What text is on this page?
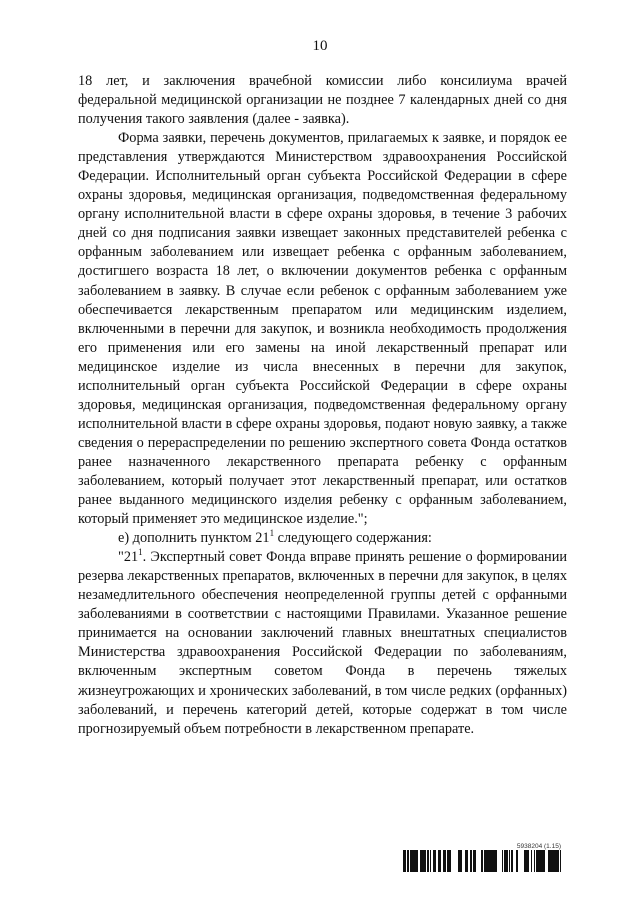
10

18 лет, и заключения врачебной комиссии либо консилиума врачей федеральной медицинской организации не позднее 7 календарных дней со дня получения такого заявления (далее - заявка).

Форма заявки, перечень документов, прилагаемых к заявке, и порядок ее представления утверждаются Министерством здравоохранения Российской Федерации. Исполнительный орган субъекта Российской Федерации в сфере охраны здоровья, медицинская организация, подведомственная федеральному органу исполнительной власти в сфере охраны здоровья, в течение 3 рабочих дней со дня подписания заявки извещает законных представителей ребенка с орфанным заболеванием или извещает ребенка с орфанным заболеванием, достигшего возраста 18 лет, о включении документов ребенка с орфанным заболеванием в заявку. В случае если ребенок с орфанным заболеванием уже обеспечивается лекарственным препаратом или медицинским изделием, включенными в перечни для закупок, и возникла необходимость продолжения его применения или его замены на иной лекарственный препарат или медицинское изделие из числа внесенных в перечни для закупок, исполнительный орган субъекта Российской Федерации в сфере охраны здоровья, медицинская организация, подведомственная федеральному органу исполнительной власти в сфере охраны здоровья, подают новую заявку, а также сведения о перераспределении по решению экспертного совета Фонда остатков ранее назначенного лекарственного препарата ребенку с орфанным заболеванием, который получает этот лекарственный препарат, или остатков ранее выданного медицинского изделия ребенку с орфанным заболеванием, который применяет это медицинское изделие.";

е) дополнить пунктом $21^1$ следующего содержания:

"$21^1$. Экспертный совет Фонда вправе принять решение о формировании резерва лекарственных препаратов, включенных в перечни для закупок, в целях незамедлительного обеспечения неопределенной группы детей с орфанными заболеваниями в соответствии с настоящими Правилами. Указанное решение принимается на основании заключений главных внештатных специалистов Министерства здравоохранения Российской Федерации по заболеваниям, включенным экспертным советом Фонда в перечень тяжелых жизнеугрожающих и хронических заболеваний, в том числе редких (орфанных) заболеваний, и перечень категорий детей, которые содержат в том числе прогнозируемый объем потребности в лекарственном препарате.

5938204 (1.15)
